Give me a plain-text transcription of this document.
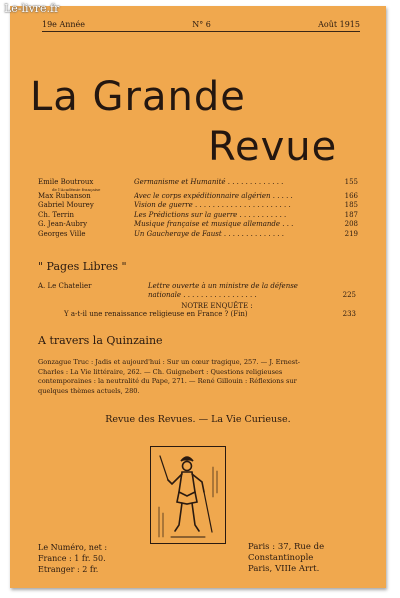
Le-livre.fr
19e Année	N° 6	Août 1915
La Grande
Revue
Emile Boutroux	Germanisme et Humanité . . . . . . . . . . . . .	155
de l'Académie française
Max Rubanson	Avec le corps expéditionnaire algérien . . . . .	166
Gabriel Mourey	Vision de guerre . . . . . . . . . . . . . . . . . . . . . .	185
Ch. Terrin	Les Prédictions sur la guerre . . . . . . . . . . .	187
G. Jean-Aubry	Musique française et musique allemande . . .	208
Georges Ville	Un Gaucheraye de Faust . . . . . . . . . . . . . .	219
" Pages Libres "
A. Le Chatelier	Lettre ouverte à un ministre de la défense
nationale . . . . . . . . . . . . . . . . .	225
NOTRE ENQUÊTE :
Y a-t-il une renaissance religieuse en France ? (Fin)	233
A travers la Quinzaine
Gonzague Truc : Jadis et aujourd'hui : Sur un cœur tragique, 257. — J. Ernest-
Charles : La Vie littéraire, 262. — Ch. Guignebert : Questions religieuses
contemporaines : la neutralité du Pape, 271. — René Gillouin : Réflexions sur
quelques thèmes actuels, 280.
Revue des Revues. — La Vie Curieuse.
Le Numéro, net :
France : 1 fr. 50.
Etranger : 2 fr.
Paris : 37, Rue de
Constantinople
Paris, VIIIe Arrt.
